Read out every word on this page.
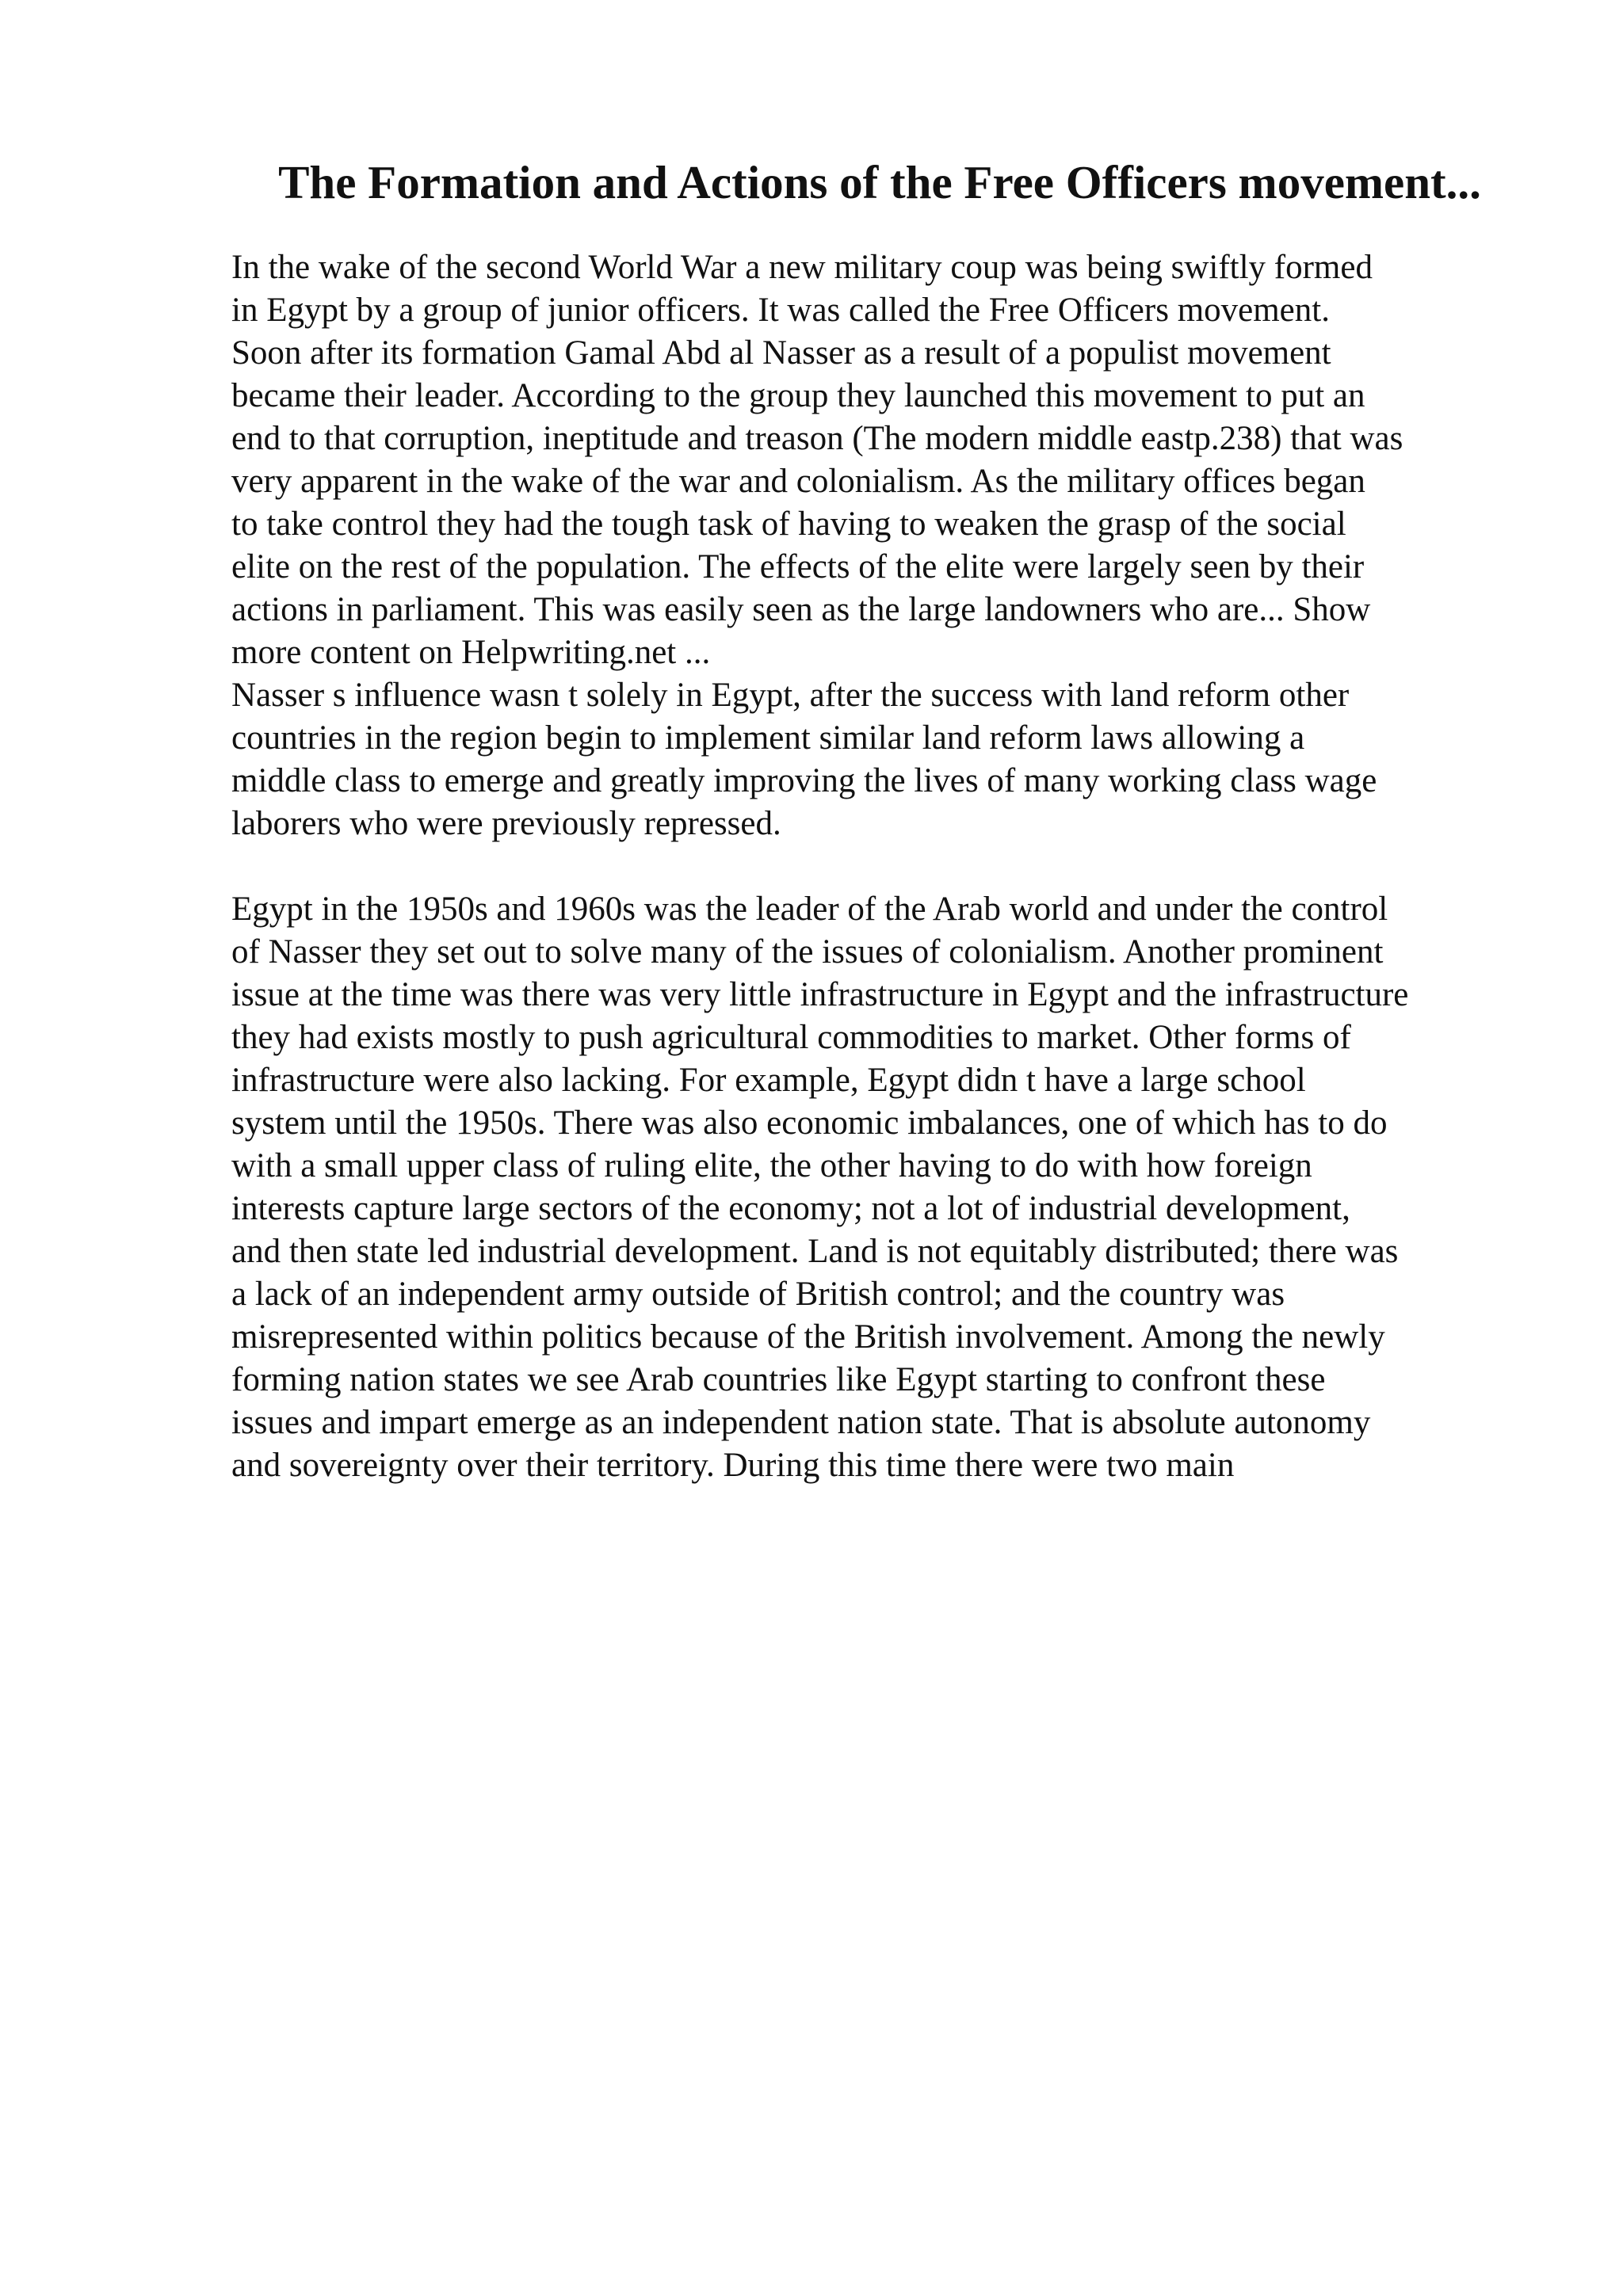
The Formation and Actions of the Free Officers movement...

In the wake of the second World War a new military coup was being swiftly formed

in Egypt by a group of junior officers. It was called the Free Officers movement.

Soon after its formation Gamal Abd al Nasser as a result of a populist movement

became their leader. According to the group they launched this movement to put an

end to that corruption, ineptitude and treason (The modern middle eastp.238) that was

very apparent in the wake of the war and colonialism. As the military offices began

to take control they had the tough task of having to weaken the grasp of the social

elite on the rest of the population. The effects of the elite were largely seen by their

actions in parliament. This was easily seen as the large landowners who are... Show

more content on Helpwriting.net ...

Nasser s influence wasn t solely in Egypt, after the success with land reform other

countries in the region begin to implement similar land reform laws allowing a

middle class to emerge and greatly improving the lives of many working class wage

laborers who were previously repressed.

Egypt in the 1950s and 1960s was the leader of the Arab world and under the control

of Nasser they set out to solve many of the issues of colonialism. Another prominent

issue at the time was there was very little infrastructure in Egypt and the infrastructure

they had exists mostly to push agricultural commodities to market. Other forms of

infrastructure were also lacking. For example, Egypt didn t have a large school

system until the 1950s. There was also economic imbalances, one of which has to do

with a small upper class of ruling elite, the other having to do with how foreign

interests capture large sectors of the economy; not a lot of industrial development,

and then state led industrial development. Land is not equitably distributed; there was

a lack of an independent army outside of British control; and the country was

misrepresented within politics because of the British involvement. Among the newly

forming nation states we see Arab countries like Egypt starting to confront these

issues and impart emerge as an independent nation state. That is absolute autonomy

and sovereignty over their territory. During this time there were two main
